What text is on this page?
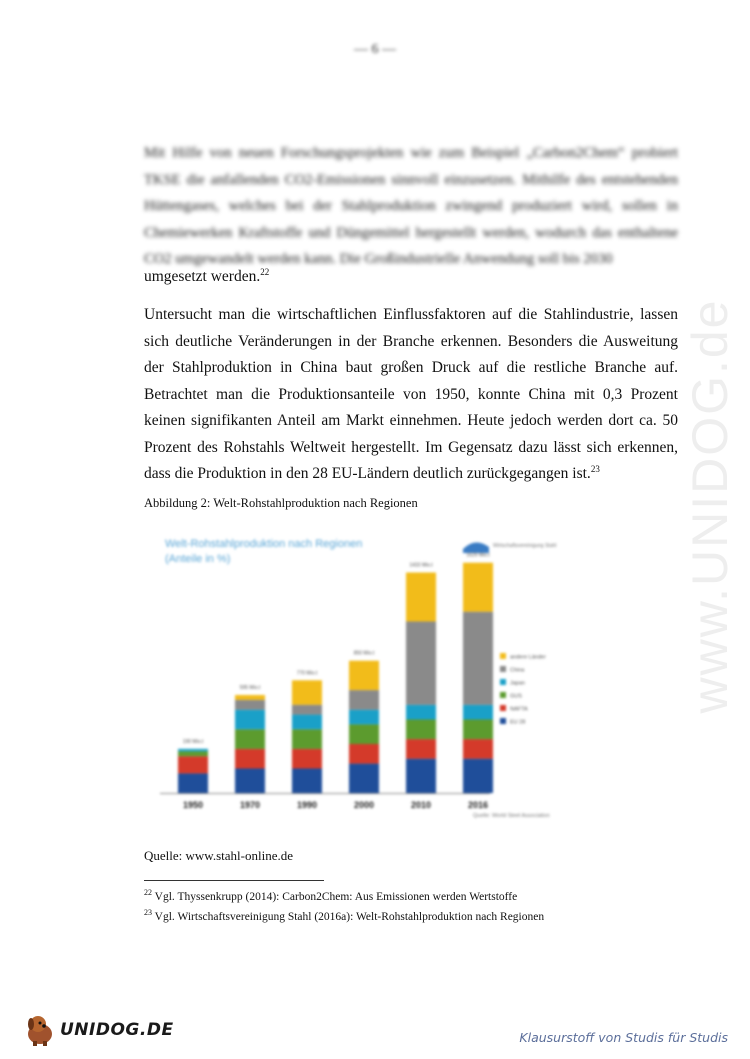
— 6 —
Mit Hilfe von neuen Forschungsprojekten wie zum Beispiel „Carbon2Chem“ probiert TKSE die anfallenden CO2-Emissionen sinnvoll einzusetzen. Mithilfe des entstehenden Hüttengases, welches bei der Stahlproduktion zwingend produziert wird, sollen in Chemiewerken Kraftstoffe und Düngemittel hergestellt werden, wodurch das enthaltene CO2 umgewandelt werden kann. Die Großindustrielle Anwendung soll bis 2030
umgesetzt werden.$^{22}$
Untersucht man die wirtschaftlichen Einflussfaktoren auf die Stahlindustrie, lassen sich deutliche Veränderungen in der Branche erkennen. Besonders die Ausweitung der Stahlproduktion in China baut großen Druck auf die restliche Branche auf. Betrachtet man die Produktionsanteile von 1950, konnte China mit 0,3 Prozent keinen signifikanten Anteil am Markt einnehmen. Heute jedoch werden dort ca. 50 Prozent des Rohstahls Weltweit hergestellt. Im Gegensatz dazu lässt sich erkennen, dass die Produktion in den 28 EU-Ländern deutlich zurückgegangen ist.$^{23}$
Abbildung 2: Welt-Rohstahlproduktion nach Regionen
Welt-Rohstahlproduktion nach Regionen
(Anteile in %)
Wirtschaftsvereinigung Stahl
1950
190 Mio.t
1970
595 Mio.t
1990
770 Mio.t
2000
850 Mio.t
2010
1433 Mio.t
2016
1629 Mio.t
andere Länder
China
Japan
GUS
NAFTA
EU 28
Quelle: World Steel Association
Quelle: www.stahl-online.de
$^{22}$ Vgl. Thyssenkrupp (2014): Carbon2Chem: Aus Emissionen werden Wertstoffe
$^{23}$ Vgl. Wirtschaftsvereinigung Stahl (2016a): Welt-Rohstahlproduktion nach Regionen
www.UNIDOG.de
UNIDOG.DE	Klausurstoff von Studis für Studis
